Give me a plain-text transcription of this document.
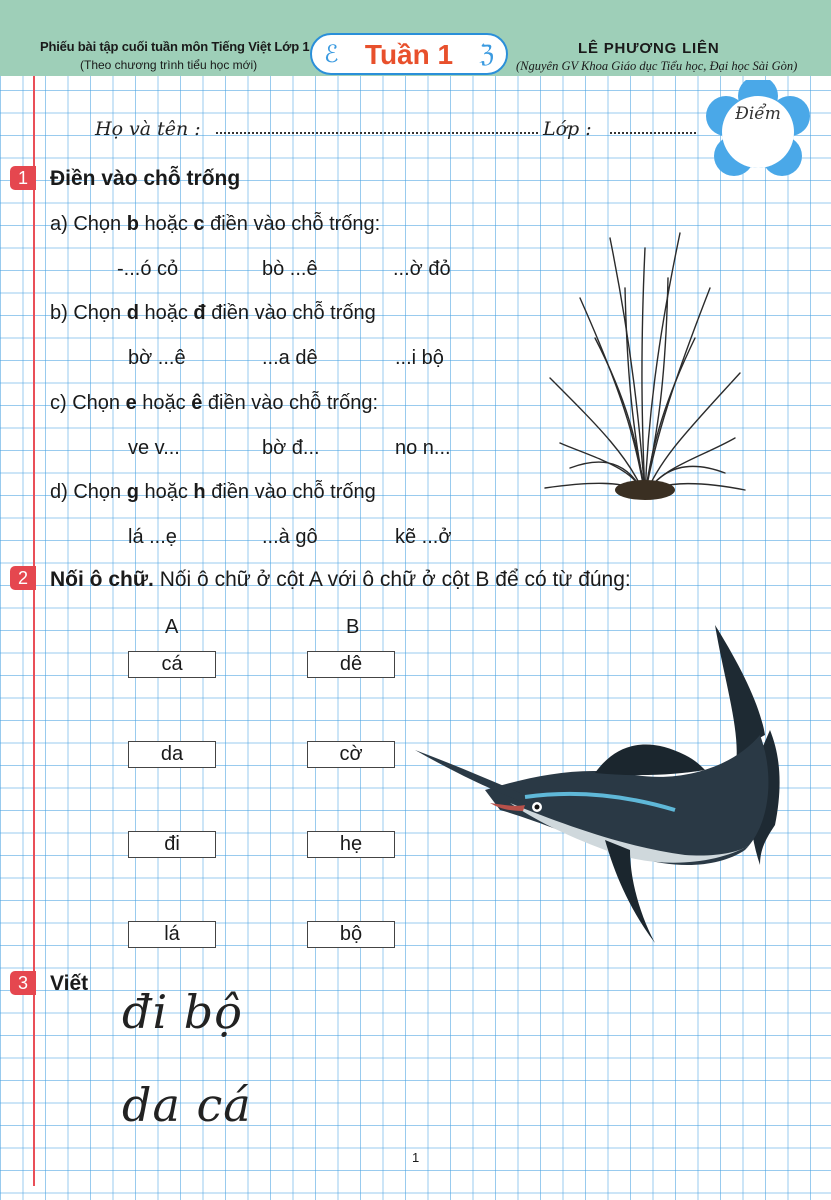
Phiếu bài tập cuối tuần môn Tiếng Việt Lớp 1
(Theo chương trình tiểu học mới)	ℰ Tuần 1	ℨ	LÊ PHƯƠNG LIÊN
(Nguyên GV Khoa Giáo dục Tiểu học, Đại học Sài Gòn)
Điểm
Họ và tên :	Lớp :
1	Điền vào chỗ trống
a) Chọn b hoặc c điền vào chỗ trống:
-...ó cỏ	bò ...ê	...ờ đỏ
b) Chọn d hoặc đ điền vào chỗ trống
bờ ...ê	...a dê	...i bộ
c) Chọn e hoặc ê điền vào chỗ trống:
ve v...	bờ đ...	no n...
d) Chọn g hoặc h điền vào chỗ trống
lá ...ẹ	...à gô	kẽ ...ở
2	Nối ô chữ. Nối ô chữ ở cột A với ô chữ ở cột B để có từ đúng:
A	B
cá	dê
da	cờ
đi	hẹ
lá	bộ
3	Viết
đi bộ
da cá
1
